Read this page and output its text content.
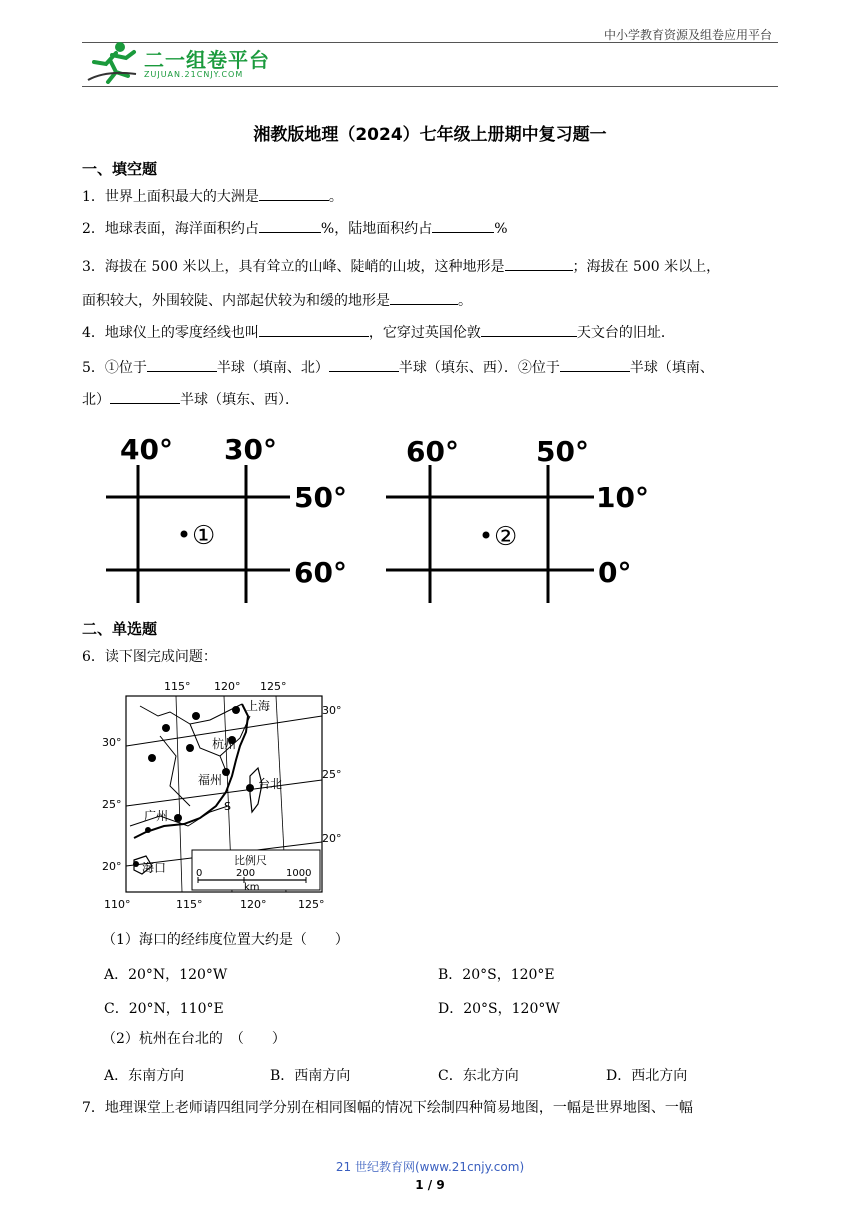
中小学教育资源及组卷应用平台
二一组卷平台
ZUJUAN.21CNJY.COM
湘教版地理（2024）七年级上册期中复习题一
一、填空题
1．世界上面积最大的大洲是	。
2．地球表面，海洋面积约占	%，陆地面积约占	%
3．海拔在 500 米以上，具有耸立的山峰、陡峭的山坡，这种地形是	；海拔在 500 米以上，
面积较大，外围较陡、内部起伏较为和缓的地形是	。
4．地球仪上的零度经线也叫	，它穿过英国伦敦	天文台的旧址．
5．①位于	半球（填南、北）	半球（填东、西）．②位于	半球（填南、
北）	半球（填东、西）．
40° 30°
50°
60°
①
60°	50°
10°
0°
②
二、单选题
6．读下图完成问题：
上海
杭州
福州	台北
广州
海口
S
115° 120° 125°
110°	115°	120°	125°
30°
25°
20°
30°
25°
20°
比例尺
0	200	1000
km
（1）海口的经纬度位置大约是（　　）
A．20°N，120°W	B．20°S，120°E
C．20°N，110°E	D．20°S，120°W
（2）杭州在台北的　（　　）
A．东南方向	B．西南方向	C．东北方向	D．西北方向
7．地理课堂上老师请四组同学分别在相同图幅的情况下绘制四种简易地图，一幅是世界地图、一幅
21 世纪教育网(www.21cnjy.com)
1 / 9
